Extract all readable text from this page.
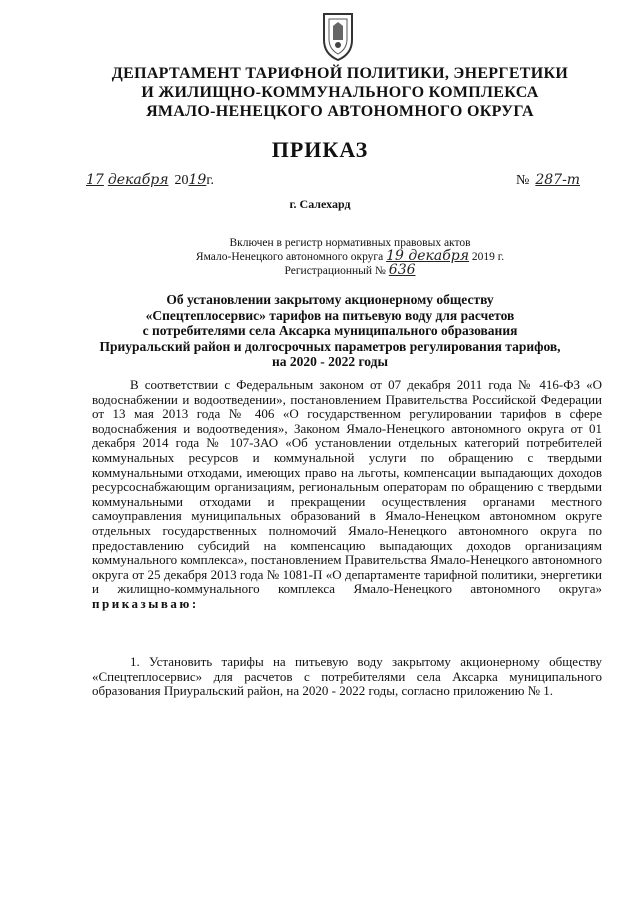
ДЕПАРТАМЕНТ ТАРИФНОЙ ПОЛИТИКИ, ЭНЕРГЕТИКИ
И ЖИЛИЩНО-КОММУНАЛЬНОГО КОМПЛЕКСА
ЯМАЛО-НЕНЕЦКОГО АВТОНОМНОГО ОКРУГА
ПРИКАЗ
17 декабря 2019г.	№ 287-т
г. Салехард
Включен в регистр нормативных правовых актов
Ямало-Ненецкого автономного округа 19 декабря 2019 г.
Регистрационный № 636
Об установлении закрытому акционерному обществу
«Спецтеплосервис» тарифов на питьевую воду для расчетов
с потребителями села Аксарка муниципального образования
Приуральский район и долгосрочных параметров регулирования тарифов,
на 2020 - 2022 годы
В соответствии с Федеральным законом от 07 декабря 2011 года № 416-ФЗ «О водоснабжении и водоотведении», постановлением Правительства Российской Федерации от 13 мая 2013 года № 406 «О государственном регулировании тарифов в сфере водоснабжения и водоотведения», Законом Ямало-Ненецкого автономного округа от 01 декабря 2014 года № 107-ЗАО «Об установлении отдельных категорий потребителей коммунальных ресурсов и коммунальной услуги по обращению с твердыми коммунальными отходами, имеющих право на льготы, компенсации выпадающих доходов ресурсоснабжающим организациям, региональным операторам по обращению с твердыми коммунальными отходами и прекращении осуществления органами местного самоуправления муниципальных образований в Ямало-Ненецком автономном округе отдельных государственных полномочий Ямало-Ненецкого автономного округа по предоставлению субсидий на компенсацию выпадающих доходов организациям коммунального комплекса», постановлением Правительства Ямало-Ненецкого автономного округа от 25 декабря 2013 года № 1081-П «О департаменте тарифной политики, энергетики и жилищно-коммунального комплекса Ямало-Ненецкого автономного округа» приказываю:
1. Установить тарифы на питьевую воду закрытому акционерному обществу «Спецтеплосервис» для расчетов с потребителями села Аксарка муниципального образования Приуральский район, на 2020 - 2022 годы, согласно приложению № 1.
